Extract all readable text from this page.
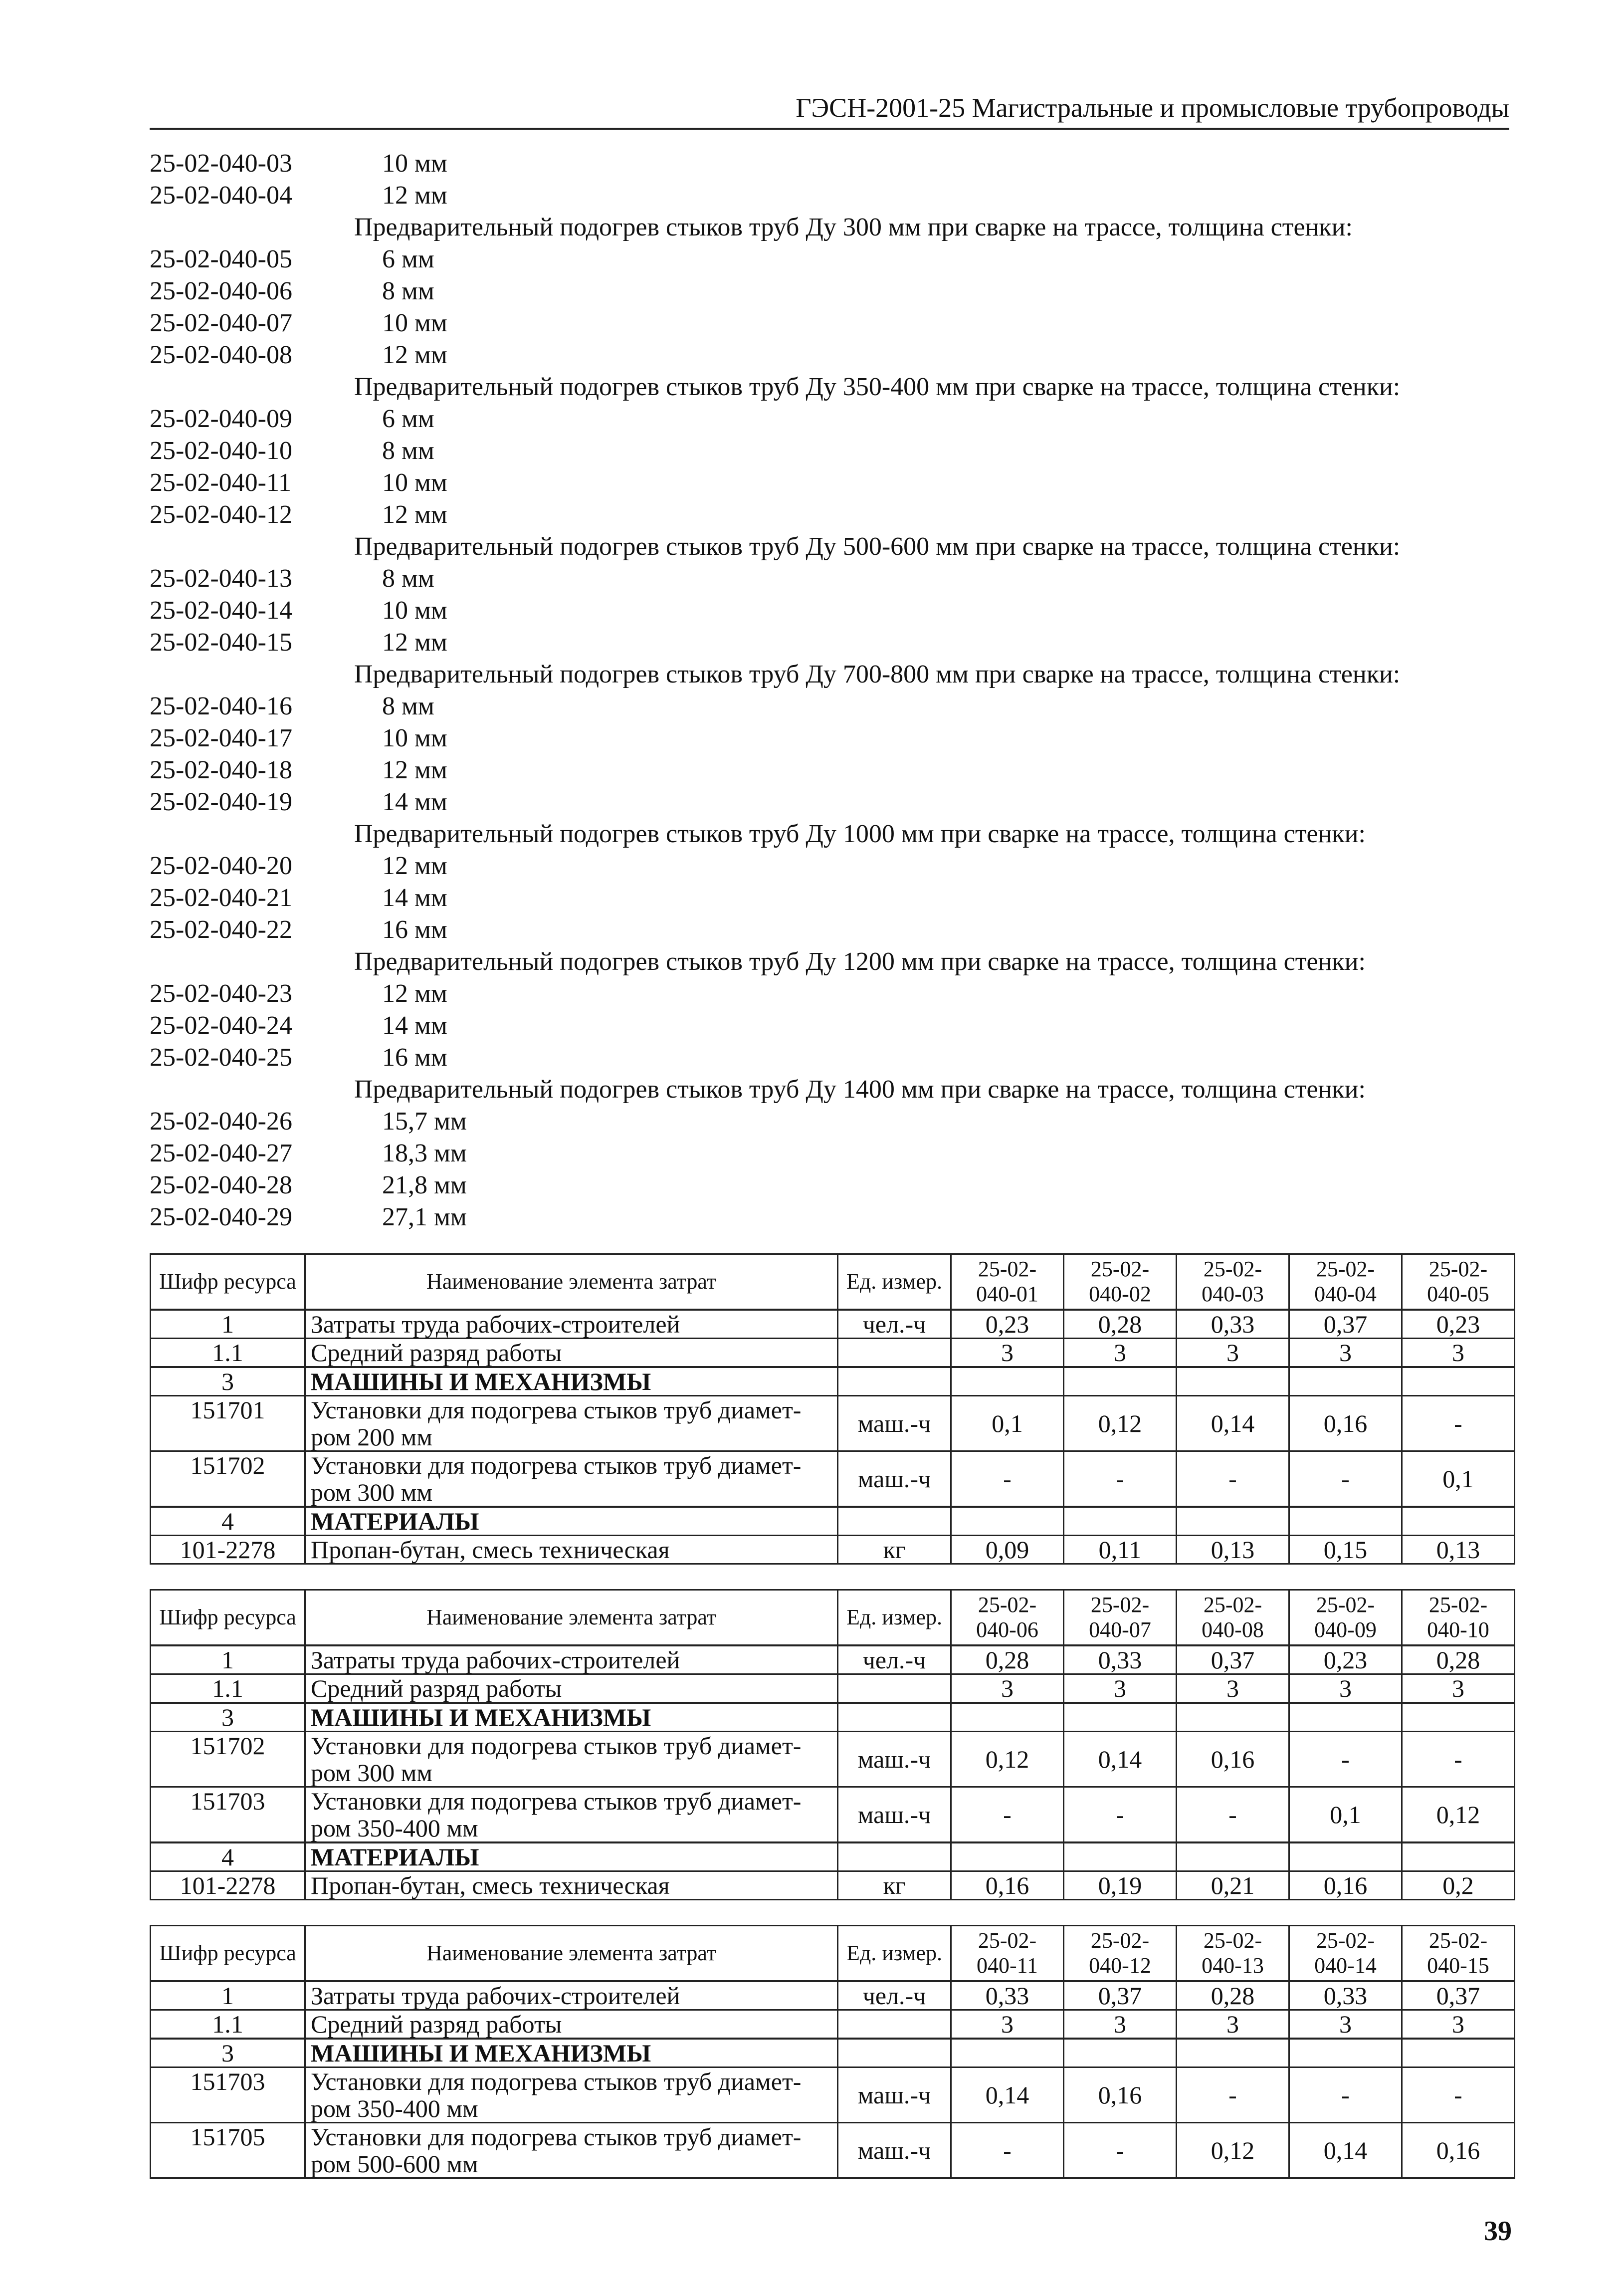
ГЭСН-2001-25 Магистральные и промысловые трубопроводы
25-02-040-03	10 мм
25-02-040-04	12 мм
Предварительный подогрев стыков труб Ду 300 мм при сварке на трассе, толщина стенки:
25-02-040-05	6 мм
25-02-040-06	8 мм
25-02-040-07	10 мм
25-02-040-08	12 мм
Предварительный подогрев стыков труб Ду 350-400 мм при сварке на трассе, толщина стенки:
25-02-040-09	6 мм
25-02-040-10	8 мм
25-02-040-11	10 мм
25-02-040-12	12 мм
Предварительный подогрев стыков труб Ду 500-600 мм при сварке на трассе, толщина стенки:
25-02-040-13	8 мм
25-02-040-14	10 мм
25-02-040-15	12 мм
Предварительный подогрев стыков труб Ду 700-800 мм при сварке на трассе, толщина стенки:
25-02-040-16	8 мм
25-02-040-17	10 мм
25-02-040-18	12 мм
25-02-040-19	14 мм
Предварительный подогрев стыков труб Ду 1000 мм при сварке на трассе, толщина стенки:
25-02-040-20	12 мм
25-02-040-21	14 мм
25-02-040-22	16 мм
Предварительный подогрев стыков труб Ду 1200 мм при сварке на трассе, толщина стенки:
25-02-040-23	12 мм
25-02-040-24	14 мм
25-02-040-25	16 мм
Предварительный подогрев стыков труб Ду 1400 мм при сварке на трассе, толщина стенки:
25-02-040-26	15,7 мм
25-02-040-27	18,3 мм
25-02-040-28	21,8 мм
25-02-040-29	27,1 мм
Шифр ресурса	Наименование элемента затрат	Ед. измер.	25-02-
040-01	25-02-
040-02	25-02-
040-03	25-02-
040-04	25-02-
040-05

1	Затраты труда рабочих-строителей	чел.-ч	0,23	0,28	0,33	0,37	0,23
1.1	Средний разряд работы		3	3	3	3	3
3	МАШИНЫ И МЕХАНИЗМЫ						

151701	Установки для подогрева стыков труб диамет-
ром 200 мм	маш.-ч	0,1	0,12	0,14	0,16	-
151702	Установки для подогрева стыков труб диамет-
ром 300 мм	маш.-ч	-	-	-	-	0,1
4	МАТЕРИАЛЫ						

101-2278	Пропан-бутан, смесь техническая	кг	0,09	0,11	0,13	0,15	0,13
Шифр ресурса	Наименование элемента затрат	Ед. измер.	25-02-
040-06	25-02-
040-07	25-02-
040-08	25-02-
040-09	25-02-
040-10

1	Затраты труда рабочих-строителей	чел.-ч	0,28	0,33	0,37	0,23	0,28
1.1	Средний разряд работы		3	3	3	3	3
3	МАШИНЫ И МЕХАНИЗМЫ						

151702	Установки для подогрева стыков труб диамет-
ром 300 мм	маш.-ч	0,12	0,14	0,16	-	-
151703	Установки для подогрева стыков труб диамет-
ром 350-400 мм	маш.-ч	-	-	-	0,1	0,12
4	МАТЕРИАЛЫ						

101-2278	Пропан-бутан, смесь техническая	кг	0,16	0,19	0,21	0,16	0,2
Шифр ресурса	Наименование элемента затрат	Ед. измер.	25-02-
040-11	25-02-
040-12	25-02-
040-13	25-02-
040-14	25-02-
040-15

1	Затраты труда рабочих-строителей	чел.-ч	0,33	0,37	0,28	0,33	0,37
1.1	Средний разряд работы		3	3	3	3	3
3	МАШИНЫ И МЕХАНИЗМЫ						

151703	Установки для подогрева стыков труб диамет-
ром 350-400 мм	маш.-ч	0,14	0,16	-	-	-
151705	Установки для подогрева стыков труб диамет-
ром 500-600 мм	маш.-ч	-	-	0,12	0,14	0,16
39
